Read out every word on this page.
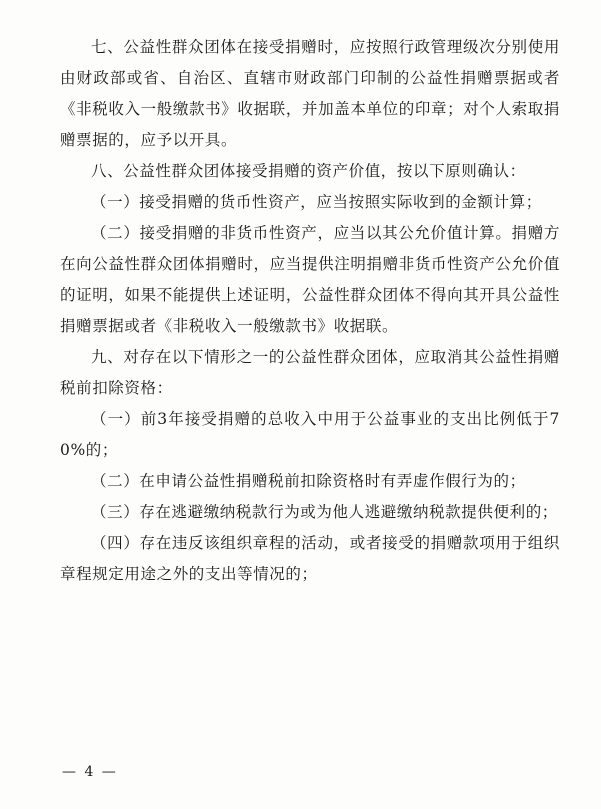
七、公益性群众团体在接受捐赠时，应按照行政管理级次分别使用由财政部或省、自治区、直辖市财政部门印制的公益性捐赠票据或者《非税收入一般缴款书》收据联，并加盖本单位的印章；对个人索取捐赠票据的，应予以开具。

八、公益性群众团体接受捐赠的资产价值，按以下原则确认：

（一）接受捐赠的货币性资产，应当按照实际收到的金额计算；

（二）接受捐赠的非货币性资产，应当以其公允价值计算。捐赠方在向公益性群众团体捐赠时，应当提供注明捐赠非货币性资产公允价值的证明，如果不能提供上述证明，公益性群众团体不得向其开具公益性捐赠票据或者《非税收入一般缴款书》收据联。

九、对存在以下情形之一的公益性群众团体，应取消其公益性捐赠税前扣除资格：

（一）前3年接受捐赠的总收入中用于公益事业的支出比例低于70%的；

（二）在申请公益性捐赠税前扣除资格时有弄虚作假行为的；

（三）存在逃避缴纳税款行为或为他人逃避缴纳税款提供便利的；

（四）存在违反该组织章程的活动，或者接受的捐赠款项用于组织章程规定用途之外的支出等情况的；

— 4 —
